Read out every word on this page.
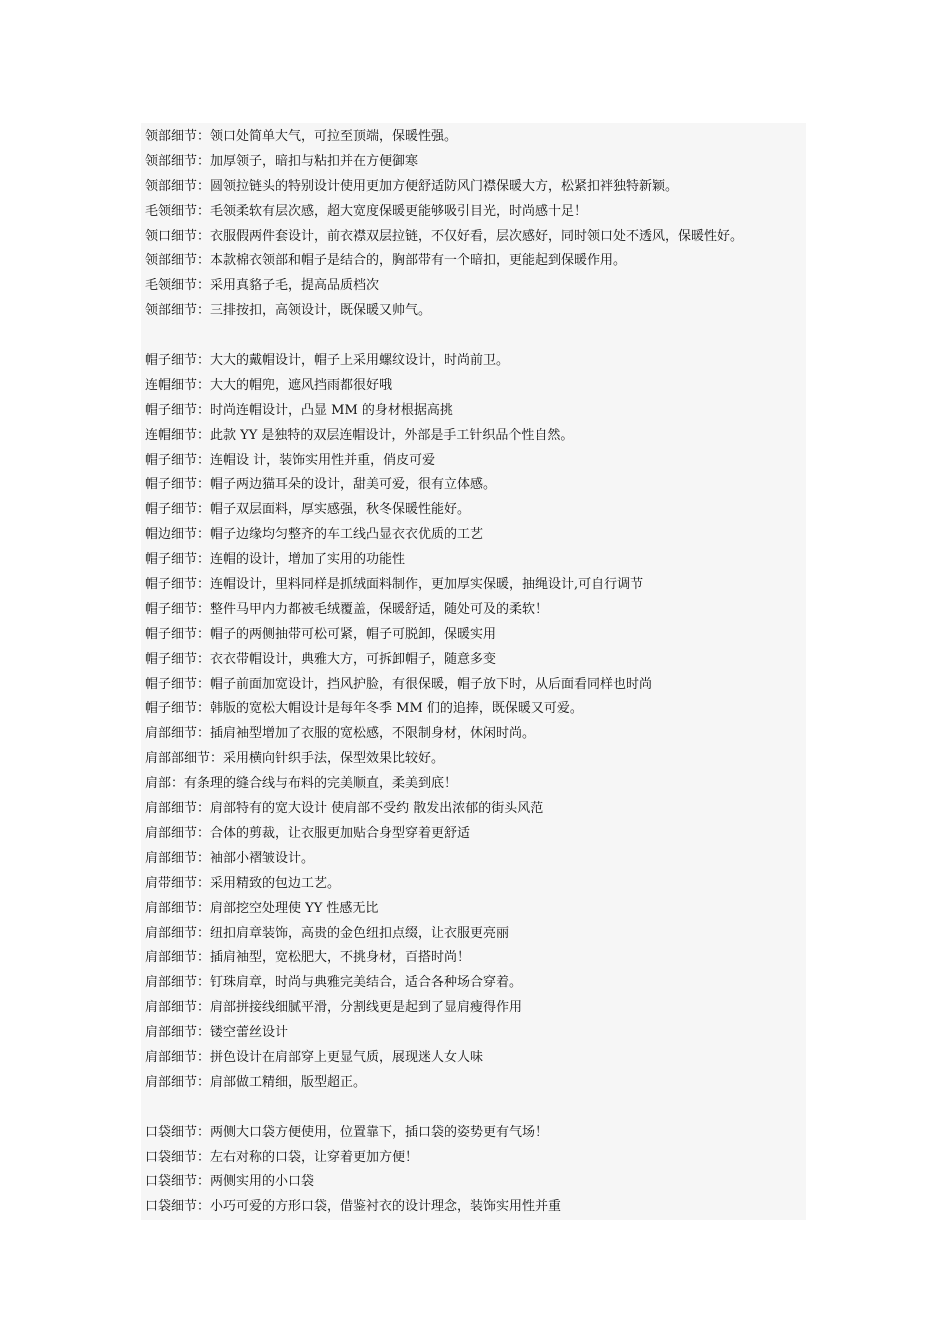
领部细节：领口处简单大气，可拉至顶端，保暖性强。
领部细节：加厚领子，暗扣与粘扣并在方便御寒
领部细节：圆领拉链头的特别设计使用更加方便舒适防风门襟保暖大方，松紧扣袢独特新颖。
毛领细节：毛领柔软有层次感，超大宽度保暖更能够吸引目光，时尚感十足！
领口细节：衣服假两件套设计，前衣襟双层拉链，不仅好看，层次感好，同时领口处不透风，保暖性好。
领部细节：本款棉衣领部和帽子是结合的，胸部带有一个暗扣，更能起到保暖作用。
毛领细节：采用真貉子毛，提高品质档次
领部细节：三排按扣，高领设计，既保暖又帅气。
帽子细节：大大的戴帽设计，帽子上采用螺纹设计，时尚前卫。
连帽细节：大大的帽兜，遮风挡雨都很好哦
帽子细节：时尚连帽设计，凸显 MM 的身材根据高挑
连帽细节：此款 YY 是独特的双层连帽设计，外部是手工针织品个性自然。
帽子细节：连帽设 计，装饰实用性并重，俏皮可爱
帽子细节：帽子两边猫耳朵的设计，甜美可爱，很有立体感。
帽子细节：帽子双层面料，厚实感强，秋冬保暖性能好。
帽边细节：帽子边缘均匀整齐的车工线凸显衣衣优质的工艺
帽子细节：连帽的设计，增加了实用的功能性
帽子细节：连帽设计，里料同样是抓绒面料制作，更加厚实保暖，抽绳设计,可自行调节
帽子细节：整件马甲内力都被毛绒覆盖，保暖舒适，随处可及的柔软！
帽子细节：帽子的两侧抽带可松可紧，帽子可脱卸，保暖实用
帽子细节：衣衣带帽设计，典雅大方，可拆卸帽子，随意多变
帽子细节：帽子前面加宽设计，挡风护脸，有很保暖，帽子放下时，从后面看同样也时尚
帽子细节：韩版的宽松大帽设计是每年冬季 MM 们的追捧，既保暖又可爱。
肩部细节：插肩袖型增加了衣服的宽松感，不限制身材，休闲时尚。
肩部部细节：采用横向针织手法，保型效果比较好。
肩部：有条理的缝合线与布料的完美顺直，柔美到底！
肩部细节：肩部特有的宽大设计 使肩部不受约 散发出浓郁的街头风范
肩部细节：合体的剪裁，让衣服更加贴合身型穿着更舒适
肩部细节：袖部小褶皱设计。
肩带细节：采用精致的包边工艺。
肩部细节：肩部挖空处理使 YY 性感无比
肩部细节：纽扣肩章装饰，高贵的金色纽扣点缀，让衣服更亮丽
肩部细节：插肩袖型，宽松肥大，不挑身材，百搭时尚！
肩部细节：钉珠肩章，时尚与典雅完美结合，适合各种场合穿着。
肩部细节：肩部拼接线细腻平滑，分割线更是起到了显肩瘦得作用
肩部细节：镂空蕾丝设计
肩部细节：拼色设计在肩部穿上更显气质，展现迷人女人味
肩部细节：肩部做工精细，版型超正。
口袋细节：两侧大口袋方便使用，位置靠下，插口袋的姿势更有气场！
口袋细节：左右对称的口袋，让穿着更加方便！
口袋细节：两侧实用的小口袋
口袋细节：小巧可爱的方形口袋，借鉴衬衣的设计理念，装饰实用性并重
